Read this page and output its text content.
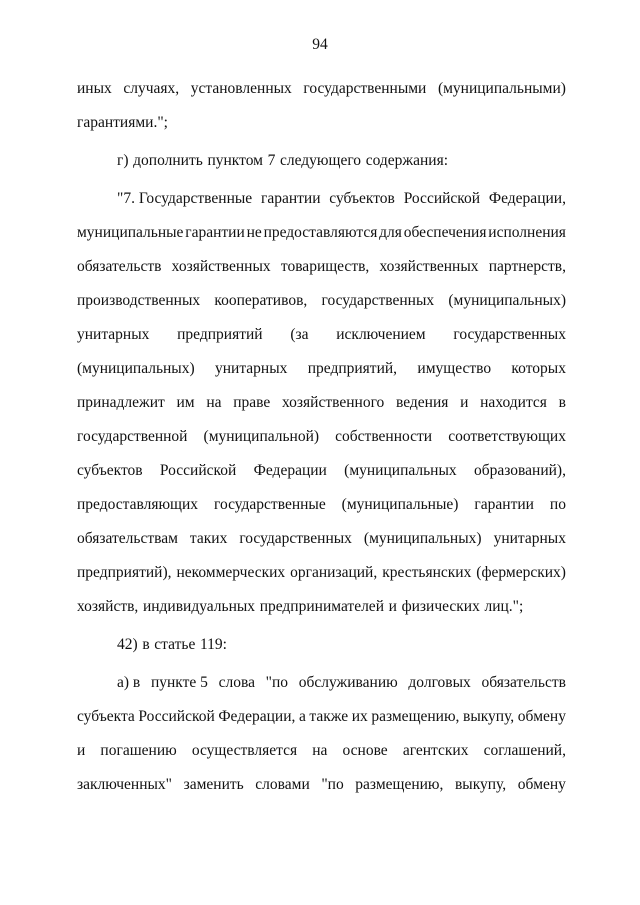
94
иных случаях, установленных государственными (муниципальными)
гарантиями.";
г) дополнить пунктом 7 следующего содержания:
"7. Государственные гарантии субъектов Российской Федерации,
муниципальные гарантии не предоставляются для обеспечения исполнения
обязательств хозяйственных товариществ, хозяйственных партнерств,
производственных кооперативов, государственных (муниципальных)
унитарных предприятий (за исключением государственных
(муниципальных) унитарных предприятий, имущество которых
принадлежит им на праве хозяйственного ведения и находится в
государственной (муниципальной) собственности соответствующих
субъектов Российской Федерации (муниципальных образований),
предоставляющих государственные (муниципальные) гарантии по
обязательствам таких государственных (муниципальных) унитарных
предприятий), некоммерческих организаций, крестьянских (фермерских)
хозяйств, индивидуальных предпринимателей и физических лиц.";
42) в статье 119:
а) в пункте 5 слова "по обслуживанию долговых обязательств
субъекта Российской Федерации, а также их размещению, выкупу, обмену
и погашению осуществляется на основе агентских соглашений,
заключенных" заменить словами "по размещению, выкупу, обмену
